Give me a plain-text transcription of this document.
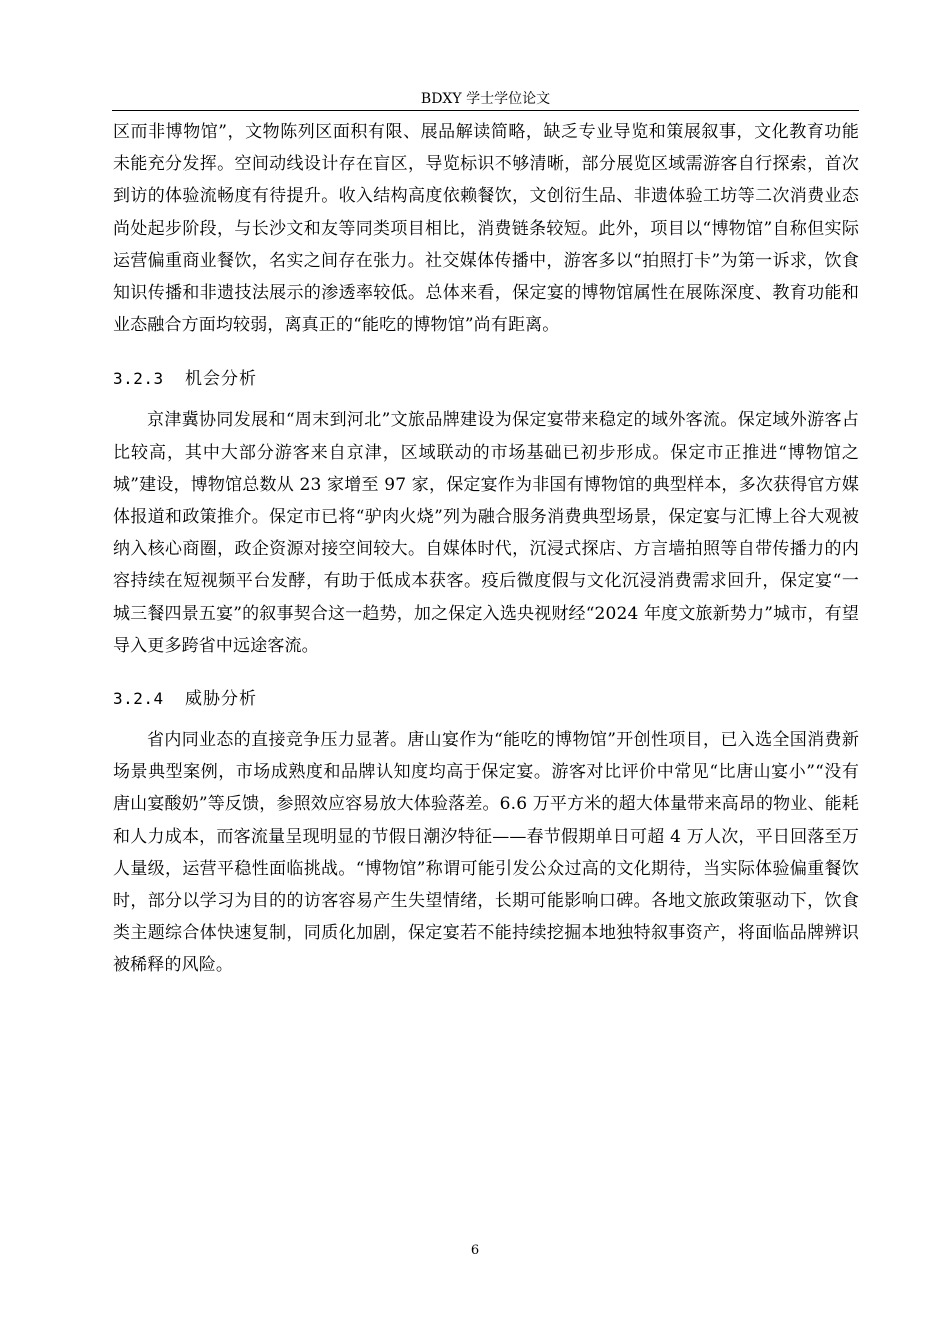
BDXY 学士学位论文

区而非博物馆”，文物陈列区面积有限、展品解读简略，缺乏专业导览和策展叙事，文化教育功能未能充分发挥。空间动线设计存在盲区，导览标识不够清晰，部分展览区域需游客自行探索，首次到访的体验流畅度有待提升。收入结构高度依赖餐饮，文创衍生品、非遗体验工坊等二次消费业态尚处起步阶段，与长沙文和友等同类项目相比，消费链条较短。此外，项目以“博物馆”自称但实际运营偏重商业餐饮，名实之间存在张力。社交媒体传播中，游客多以“拍照打卡”为第一诉求，饮食知识传播和非遗技法展示的渗透率较低。总体来看，保定宴的博物馆属性在展陈深度、教育功能和业态融合方面均较弱，离真正的“能吃的博物馆”尚有距离。

3.2.3	机会分析

京津冀协同发展和“周末到河北”文旅品牌建设为保定宴带来稳定的域外客流。保定域外游客占比较高，其中大部分游客来自京津，区域联动的市场基础已初步形成。保定市正推进“博物馆之城”建设，博物馆总数从 23 家增至 97 家，保定宴作为非国有博物馆的典型样本，多次获得官方媒体报道和政策推介。保定市已将“驴肉火烧”列为融合服务消费典型场景，保定宴与汇博上谷大观被纳入核心商圈，政企资源对接空间较大。自媒体时代，沉浸式探店、方言墙拍照等自带传播力的内容持续在短视频平台发酵，有助于低成本获客。疫后微度假与文化沉浸消费需求回升，保定宴“一城三餐四景五宴”的叙事契合这一趋势，加之保定入选央视财经“2024 年度文旅新势力”城市，有望导入更多跨省中远途客流。

3.2.4	威胁分析

省内同业态的直接竞争压力显著。唐山宴作为“能吃的博物馆”开创性项目，已入选全国消费新场景典型案例，市场成熟度和品牌认知度均高于保定宴。游客对比评价中常见“比唐山宴小”“没有唐山宴酸奶”等反馈，参照效应容易放大体验落差。6.6 万平方米的超大体量带来高昂的物业、能耗和人力成本，而客流量呈现明显的节假日潮汐特征——春节假期单日可超 4 万人次，平日回落至万人量级，运营平稳性面临挑战。“博物馆”称谓可能引发公众过高的文化期待，当实际体验偏重餐饮时，部分以学习为目的的访客容易产生失望情绪，长期可能影响口碑。各地文旅政策驱动下，饮食类主题综合体快速复制，同质化加剧，保定宴若不能持续挖掘本地独特叙事资产，将面临品牌辨识被稀释的风险。

6
